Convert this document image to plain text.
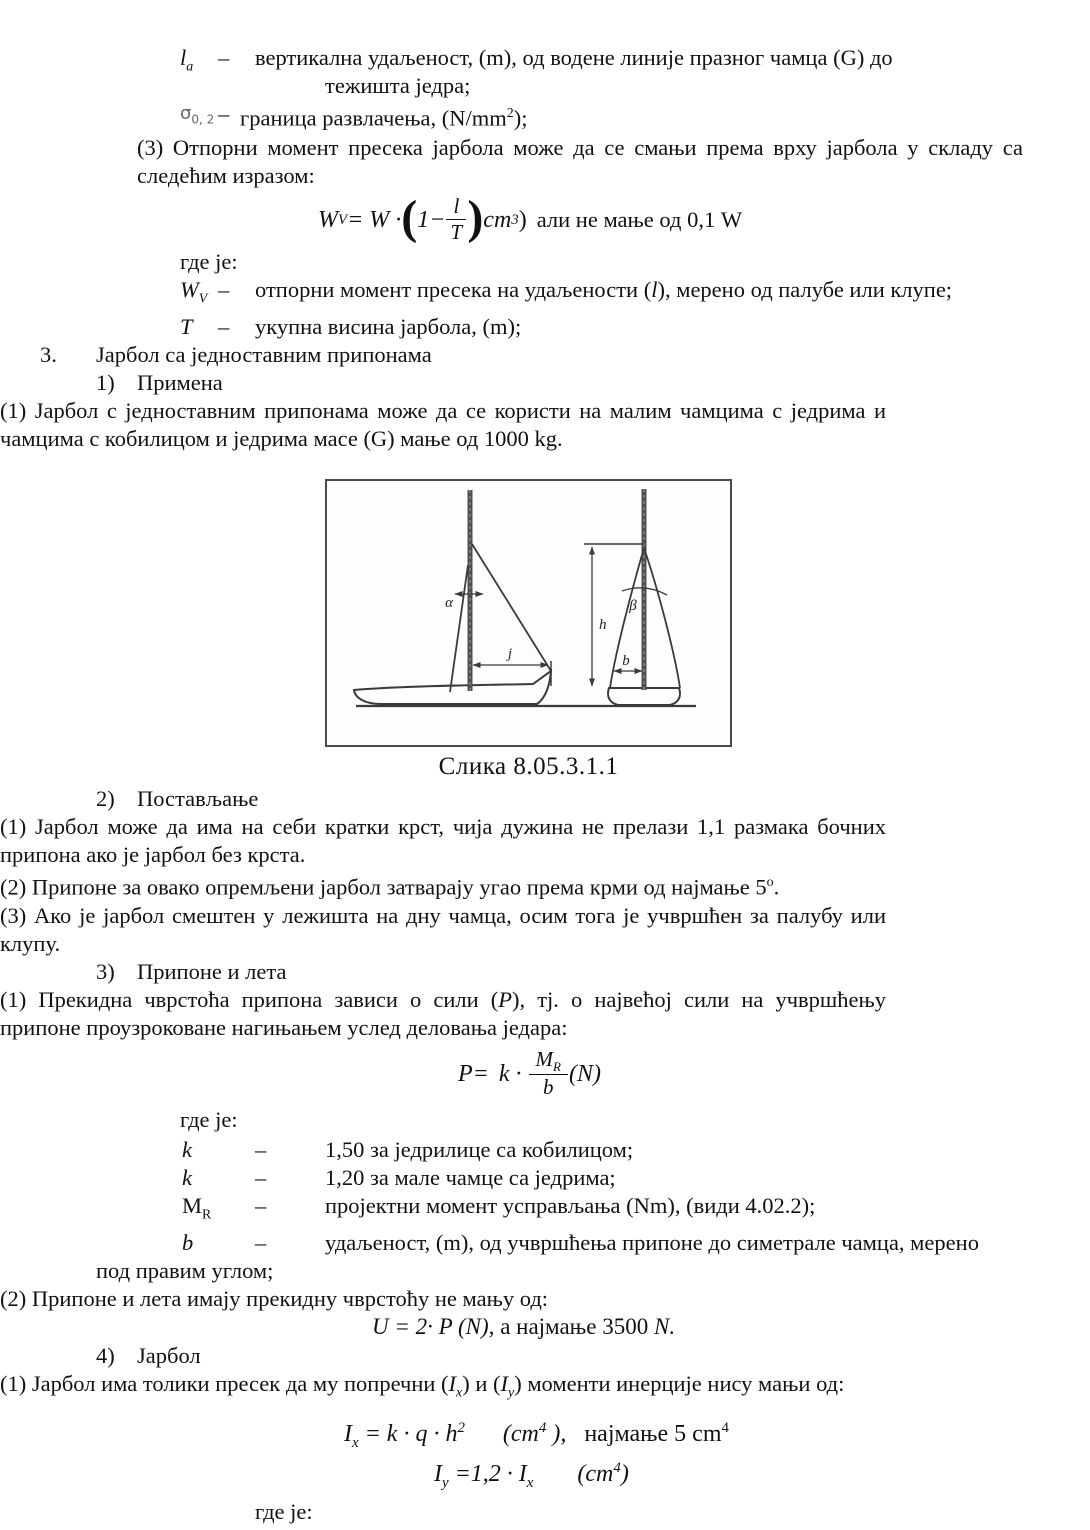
$l_a$	–	вертикална удаљеност, (m), од водене линије празног чамца (G) до
тежишта једра;
$\sigma_{0, 2}$ – граница развлачења, $(N/mm^2)$;

(3) Отпорни момент пресека јарбола може да се смањи према врху јарбола у складу са следећим изразом:

W V = W · ( $1- \frac{l}{T}$ ) cm 3 ) али не мање од 0,1 W
где је:
$W_V$ –	отпорни момент пресека на удаљености (l), мерено од палубе или клупе;
T	–	укупна висина јарбола, (m);
3.	Јарбол са једноставним припонама
1) Примена

(1) Јарбол с једноставним припонама може да се користи на малим чамцима с једрима и чамцима с кобилицом и једрима масе (G) мање од 1000 kg.

α
j
h
b
β
Слика 8.05.3.1.1
2) Постављање

(1) Јарбол може да има на себи кратки крст, чија дужина не прелази 1,1 размака бочних припона ако је јарбол без крста.

(2) Припоне за овако опремљени јарбол затварају угао према крми од најмање $5^о$.

(3) Ако је јарбол смештен у лежишта на дну чамца, осим тога је учвршћен за палубу или клупу.

3) Припоне и лета

(1) Прекидна чврстоћа припона зависи о сили (P), тј. о највећој сили на учвршћењу припоне проузроковане нагињањем услед деловања једара:

$P= k \cdot \frac{M_R}{b} (N)$
где је:
k	–	1,50 за једрилице са кобилицом;
k	–	1,20 за мале чамце са једрима;
$M_R$	–	пројектни момент усправљања (Nm), (види 4.02.2);
b	–	удаљеност, (m), од учвршћења припоне до симетрале чамца, мерено
под правим углом;

(2) Припоне и лета имају прекидну чврстоћу не мању од:

U = 2· P (N), а најмање 3500 N.
4) Јарбол

(1) Јарбол има толики пресек да му попречни $(I_x)$ и $(I_y)$ моменти инерције нису мањи од:

$I_x = k \cdot q \cdot h^2$ ($cm^4$ ), најмање 5 $cm^4$
$I_y =1,2 \cdot I_x$ $(cm^4)$
где је:
